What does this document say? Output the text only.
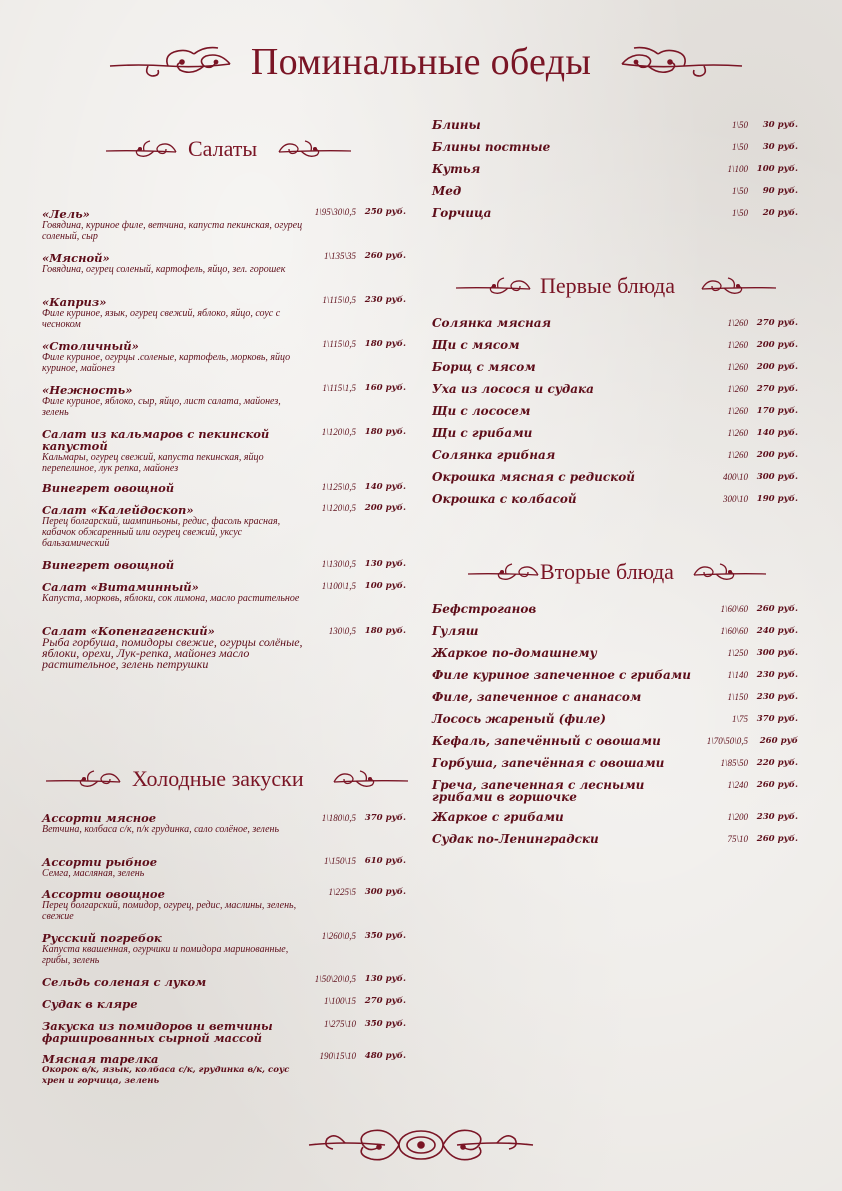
Поминальные обеды
Салаты
«Лель»
Говядина, куриное филе, ветчина, капуста пекинская, огурец соленый, сыр
1\95\30\0,5	250 руб.
«Мясной»
Говядина, огурец соленый, картофель, яйцо, зел. горошек
1\135\35	260 руб.
«Каприз»
Филе куриное, язык, огурец свежий, яблоко, яйцо, соус с чесноком
1\115\0,5	230 руб.
«Столичный»
Филе куриное, огурцы .соленые, картофель, морковь, яйцо куриное, майонез
1\115\0,5	180 руб.
«Нежность»
Филе куриное, яблоко, сыр, яйцо, лист салата, майонез, зелень
1\115\1,5	160 руб.
Салат из кальмаров с пекинской капустой
Кальмары, огурец свежий, капуста пекинская, яйцо перепелиное, лук репка, майонез
1\120\0,5	180 руб.
Винегрет овощной	1\125\0,5	140 руб.
Салат «Калейдоскоп»
Перец болгарский, шампиньоны, редис, фасоль красная, кабачок обжаренный или огурец свежий, уксус бальзамический
1\120\0,5	200 руб.
Винегрет овощной	1\130\0,5	130 руб.
Салат «Витаминный»
Капуста, морковь, яблоки, сок лимона, масло растительное
1\100\1,5	100 руб.
Салат «Копенгагенский»
Рыба горбуша, помидоры свежие, огурцы солёные, яблоки, орехи, Лук-репка, майонез масло растительное, зелень петрушки
130\0,5	180 руб.
Холодные закуски
Ассорти мясное
Ветчина, колбаса с/к, п/к грудинка, сало солёное, зелень
1\180\0,5	370 руб.
Ассорти рыбное
Семга, масляная, зелень
1\150\15	610 руб.
Ассорти овощное
Перец болгарский, помидор, огурец, редис, маслины, зелень, свежие
1\225\5	300 руб.
Русский погребок
Капуста квашенная, огурчики и помидора маринованные, грибы, зелень
1\260\0,5	350 руб.
Сельдь соленая с луком	1\50\20\0,5	130 руб.
Судак в кляре	1\100\15	270 руб.
Закуска из помидоров и ветчины фаршированных сырной массой
1\275\10	350 руб.
Мясная тарелка
Окорок в/к, язык, колбаса с/к, грудинка в/к, соус хрен и горчица, зелень
190\15\10	480 руб.
Блины	1\50	30 руб.
Блины постные	1\50	30 руб.
Кутья	1\100	100 руб.
Мед	1\50	90 руб.
Горчица	1\50	20 руб.
Первые блюда
Солянка мясная	1\260	270 руб.
Щи с мясом	1\260	200 руб.
Борщ с мясом	1\260	200 руб.
Уха из лосося и судака	1\260	270 руб.
Щи с лососем	1\260	170 руб.
Щи с грибами	1\260	140 руб.
Солянка грибная	1\260	200 руб.
Окрошка мясная с редиской	400\10	300 руб.
Окрошка с колбасой	300\10	190 руб.
Вторые блюда
Бефстроганов	1\60\60	260 руб.
Гуляш	1\60\60	240 руб.
Жаркое по-домашнему	1\250	300 руб.
Филе куриное запеченное с грибами	1\140	230 руб.
Филе, запеченное с ананасом	1\150	230 руб.
Лосось жареный (филе)	1\75	370 руб.
Кефаль, запечённый с овошами	1\70\50\0,5	260 руб
Горбуша, запечённая с овошами	1\85\50	220 руб.
Греча, запеченная с лесными грибами в горшочке
1\240	260 руб.
Жаркое с грибами	1\200	230 руб.
Судак по-Ленинградски	75\10	260 руб.
